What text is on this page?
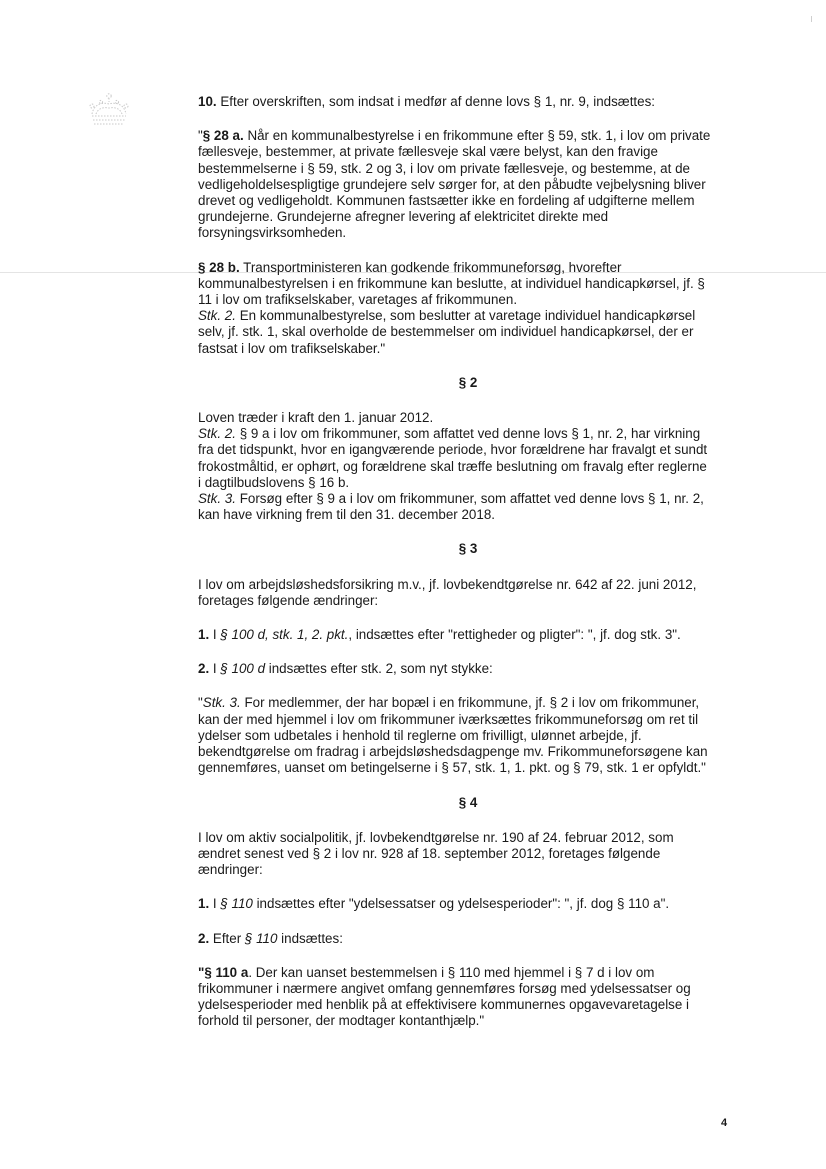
10. Efter overskriften, som indsat i medfør af denne lovs § 1, nr. 9, indsættes:

"§ 28 a. Når en kommunalbestyrelse i en frikommune efter § 59, stk. 1, i lov om private
fællesveje, bestemmer, at private fællesveje skal være belyst, kan den fravige
bestemmelserne i § 59, stk. 2 og 3, i lov om private fællesveje, og bestemme, at de
vedligeholdelsespligtige grundejere selv sørger for, at den påbudte vejbelysning bliver
drevet og vedligeholdt. Kommunen fastsætter ikke en fordeling af udgifterne mellem
grundejerne. Grundejerne afregner levering af elektricitet direkte med
forsyningsvirksomheden.

§ 28 b. Transportministeren kan godkende frikommuneforsøg, hvorefter
kommunalbestyrelsen i en frikommune kan beslutte, at individuel handicapkørsel, jf. §
11 i lov om trafikselskaber, varetages af frikommunen.
Stk. 2. En kommunalbestyrelse, som beslutter at varetage individuel handicapkørsel
selv, jf. stk. 1, skal overholde de bestemmelser om individuel handicapkørsel, der er
fastsat i lov om trafikselskaber."

§ 2

Loven træder i kraft den 1. januar 2012.
Stk. 2. § 9 a i lov om frikommuner, som affattet ved denne lovs § 1, nr. 2, har virkning
fra det tidspunkt, hvor en igangværende periode, hvor forældrene har fravalgt et sundt
frokostmåltid, er ophørt, og forældrene skal træffe beslutning om fravalg efter reglerne
i dagtilbudslovens § 16 b.
Stk. 3. Forsøg efter § 9 a i lov om frikommuner, som affattet ved denne lovs § 1, nr. 2,
kan have virkning frem til den 31. december 2018.

§ 3

I lov om arbejdsløshedsforsikring m.v., jf. lovbekendtgørelse nr. 642 af 22. juni 2012,
foretages følgende ændringer:

1. I § 100 d, stk. 1, 2. pkt., indsættes efter "rettigheder og pligter": ", jf. dog stk. 3".

2. I § 100 d indsættes efter stk. 2, som nyt stykke:

"Stk. 3. For medlemmer, der har bopæl i en frikommune, jf. § 2 i lov om frikommuner,
kan der med hjemmel i lov om frikommuner iværksættes frikommuneforsøg om ret til
ydelser som udbetales i henhold til reglerne om frivilligt, ulønnet arbejde, jf.
bekendtgørelse om fradrag i arbejdsløshedsdagpenge mv. Frikommuneforsøgene kan
gennemføres, uanset om betingelserne i § 57, stk. 1, 1. pkt. og § 79, stk. 1 er opfyldt."

§ 4

I lov om aktiv socialpolitik, jf. lovbekendtgørelse nr. 190 af 24. februar 2012, som
ændret senest ved § 2 i lov nr. 928 af 18. september 2012, foretages følgende
ændringer:

1. I § 110 indsættes efter "ydelsessatser og ydelsesperioder": ", jf. dog § 110 a".

2. Efter § 110 indsættes:

"§ 110 a. Der kan uanset bestemmelsen i § 110 med hjemmel i § 7 d i lov om
frikommuner i nærmere angivet omfang gennemføres forsøg med ydelsessatser og
ydelsesperioder med henblik på at effektivisere kommunernes opgavevaretagelse i
forhold til personer, der modtager kontanthjælp."

4
